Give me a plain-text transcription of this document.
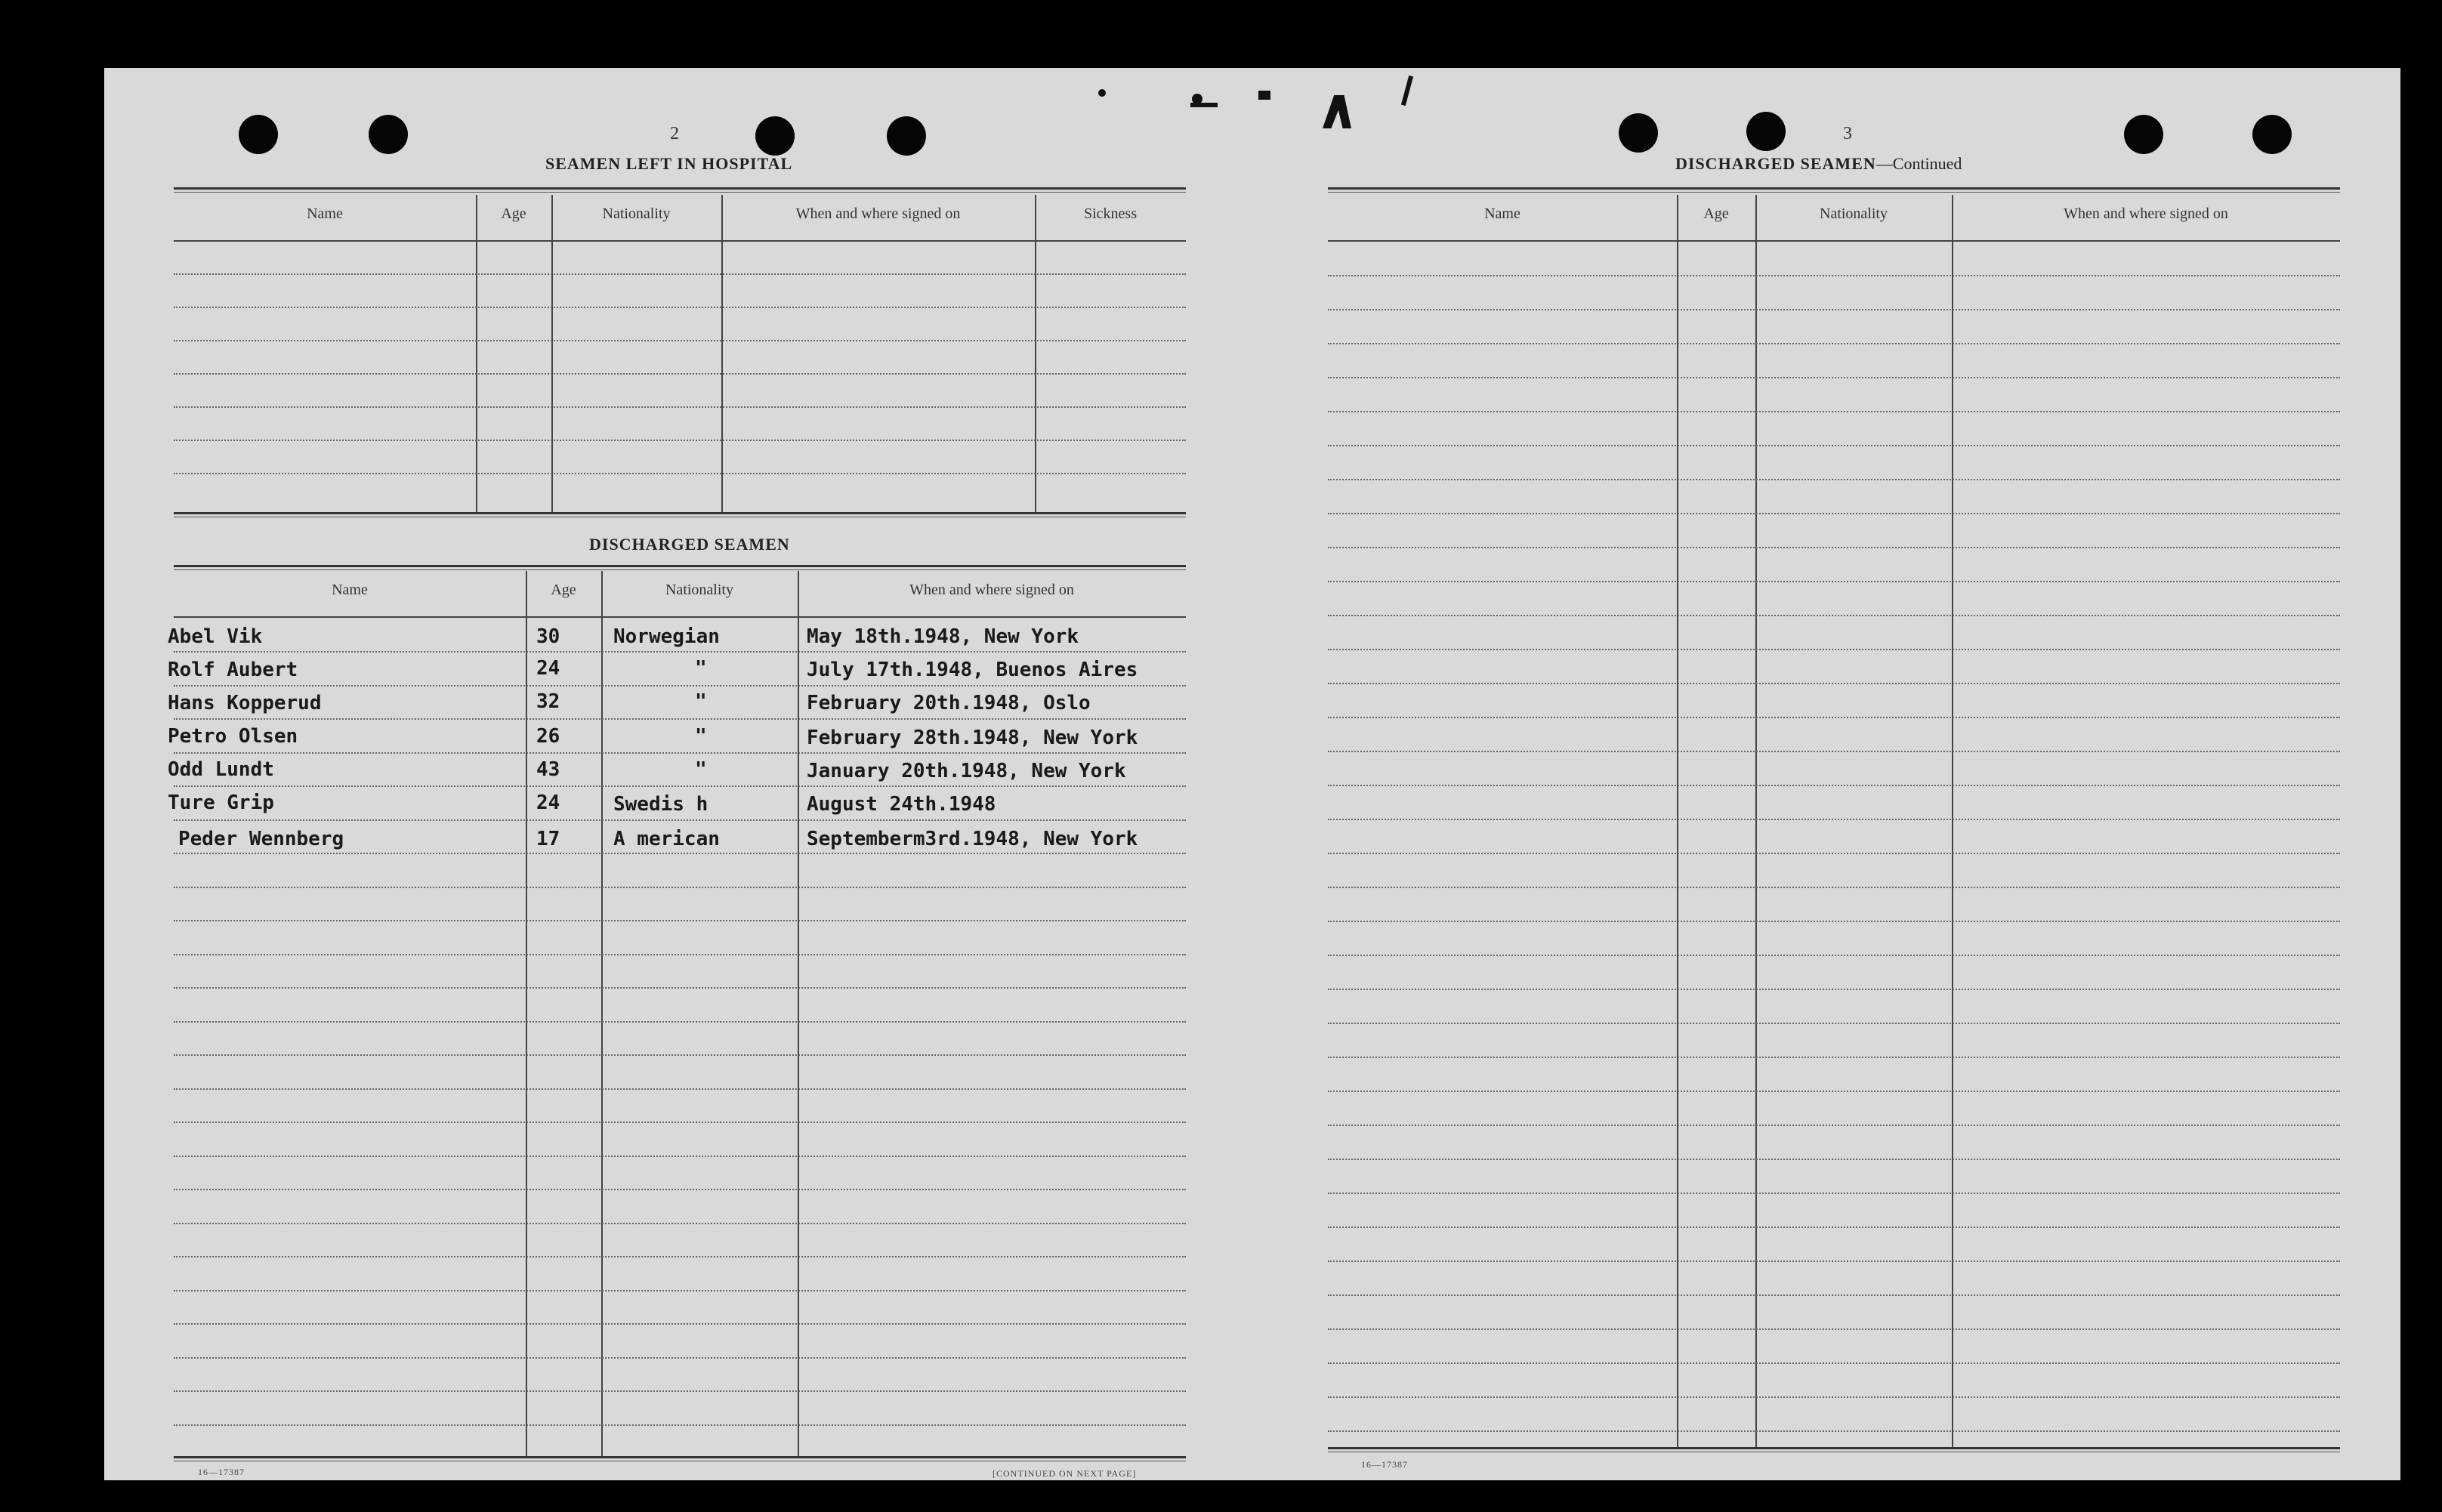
2
SEAMEN LEFT IN HOSPITAL
Name	Age	Nationality	When and where signed on	Sickness
DISCHARGED SEAMEN
Name	Age	Nationality	When and where signed on
Abel Vik	30	Norwegian	May 18th.1948, New York
Rolf Aubert	24	"	July 17th.1948, Buenos Aires
Hans Kopperud	32	"	February 20th.1948, Oslo
Petro Olsen	26	"	February 28th.1948, New York
Odd Lundt	43	"	January 20th.1948, New York
Ture Grip	24	Swedis h	August 24th.1948
Peder Wennberg	17	A merican	Septemberm3rd.1948, New York
16—17387	[CONTINUED ON NEXT PAGE]
3
DISCHARGED SEAMEN—Continued
Name	Age	Nationality	When and where signed on
16—17387
